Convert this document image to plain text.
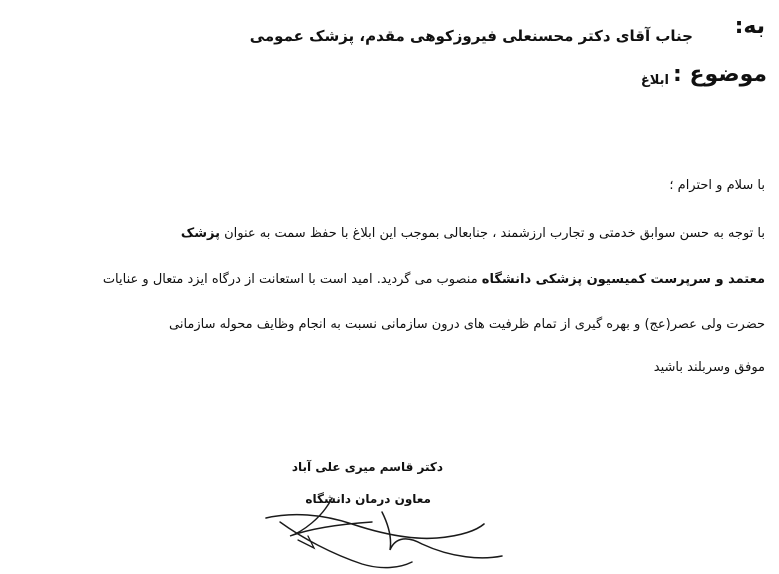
به:
جناب آقای دکتر محسنعلی فیروزکوهی مقدم، پزشک عمومی
موضوع :
ابلاغ
با سلام و احترام ؛
با توجه به حسن سوابق خدمتی و تجارب ارزشمند ، جنابعالی بموجب این ابلاغ با حفظ سمت به عنوان پزشک
معتمد و سرپرست کمیسیون پزشکی دانشگاه منصوب می گردید. امید است با استعانت از درگاه ایزد متعال و عنایات
حضرت ولی عصر(عج) و بهره گیری از تمام ظرفیت های درون سازمانی نسبت به انجام وظایف محوله سازمانی
موفق وسربلند باشید
دکتر قاسم میری علی آباد
معاون درمان دانشگاه
